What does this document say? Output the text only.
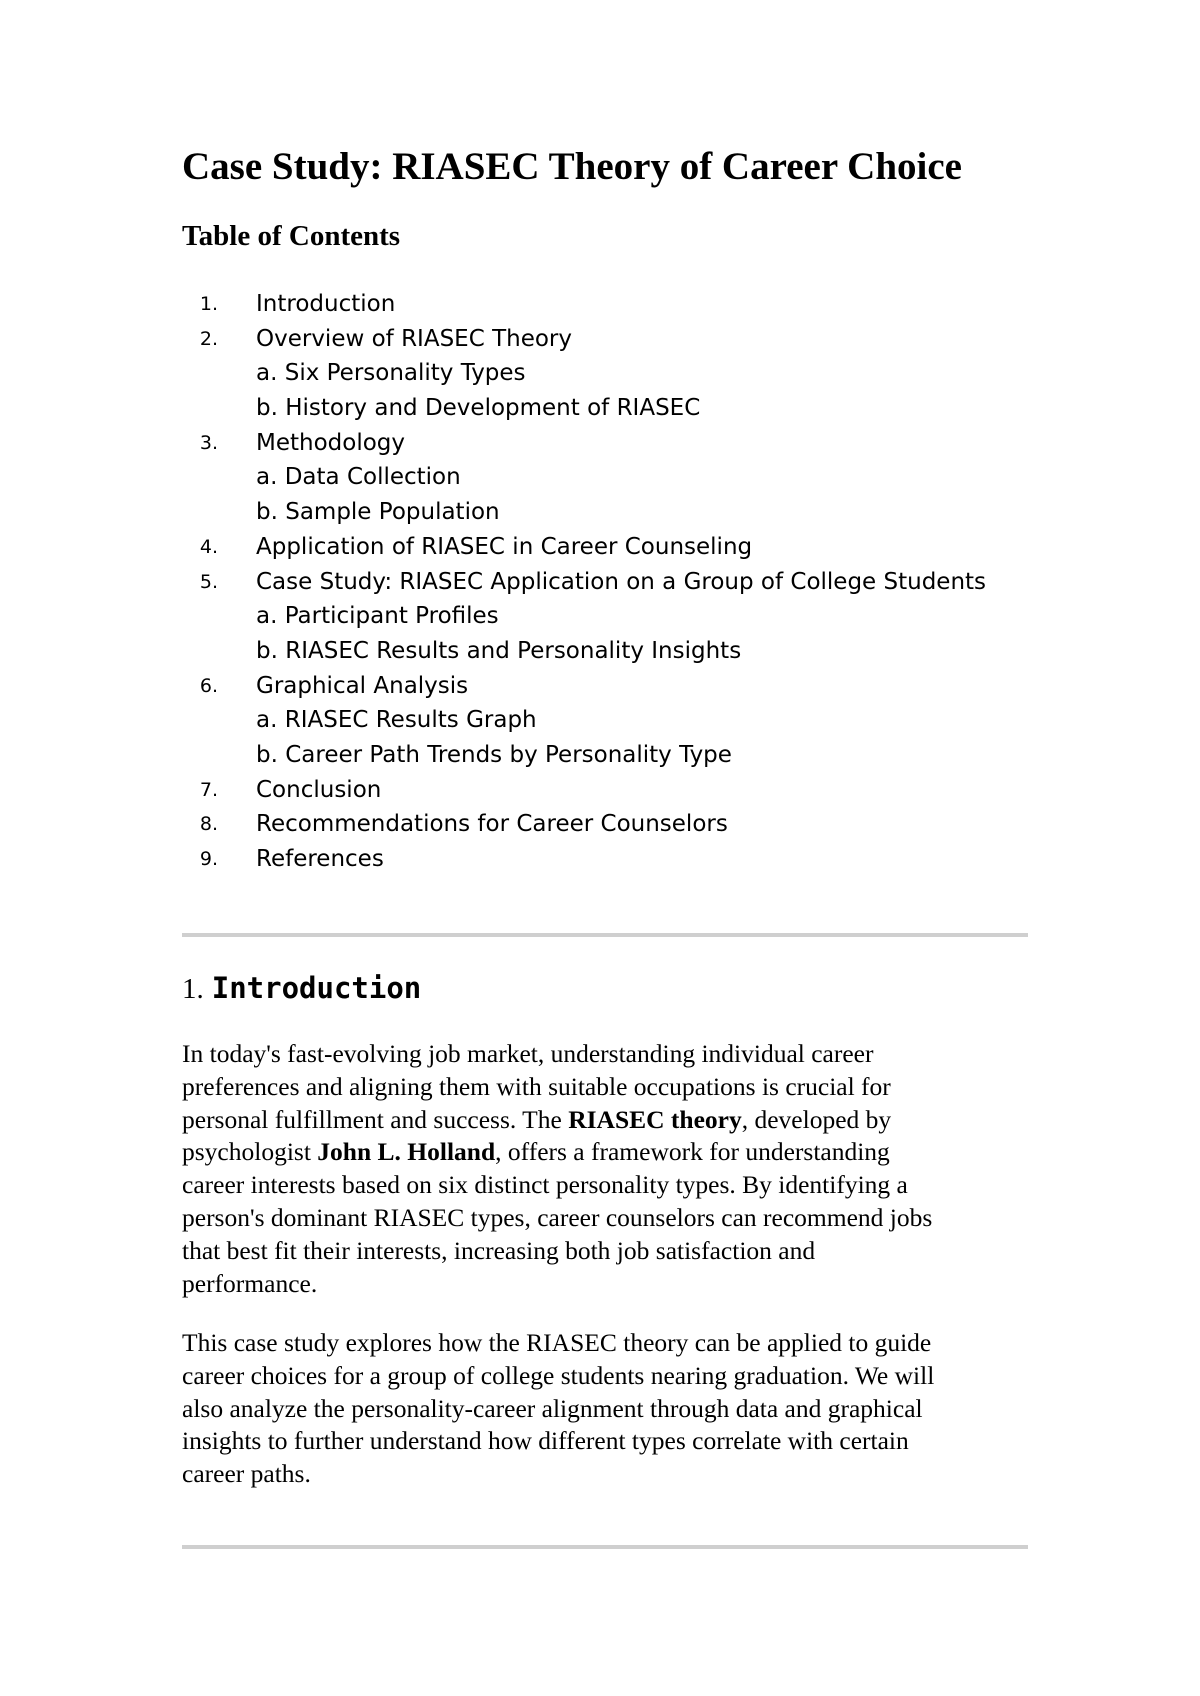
Case Study: RIASEC Theory of Career Choice
Table of Contents
1. Introduction
2. Overview of RIASEC Theory
a. Six Personality Types
b. History and Development of RIASEC
3. Methodology
a. Data Collection
b. Sample Population
4. Application of RIASEC in Career Counseling
5. Case Study: RIASEC Application on a Group of College Students
a. Participant Profiles
b. RIASEC Results and Personality Insights
6. Graphical Analysis
a. RIASEC Results Graph
b. Career Path Trends by Personality Type
7. Conclusion
8. Recommendations for Career Counselors
9. References
1. Introduction

In today's fast-evolving job market, understanding individual career
preferences and aligning them with suitable occupations is crucial for
personal fulfillment and success. The RIASEC theory, developed by
psychologist John L. Holland, offers a framework for understanding
career interests based on six distinct personality types. By identifying a
person's dominant RIASEC types, career counselors can recommend jobs
that best fit their interests, increasing both job satisfaction and
performance.

This case study explores how the RIASEC theory can be applied to guide
career choices for a group of college students nearing graduation. We will
also analyze the personality-career alignment through data and graphical
insights to further understand how different types correlate with certain
career paths.
